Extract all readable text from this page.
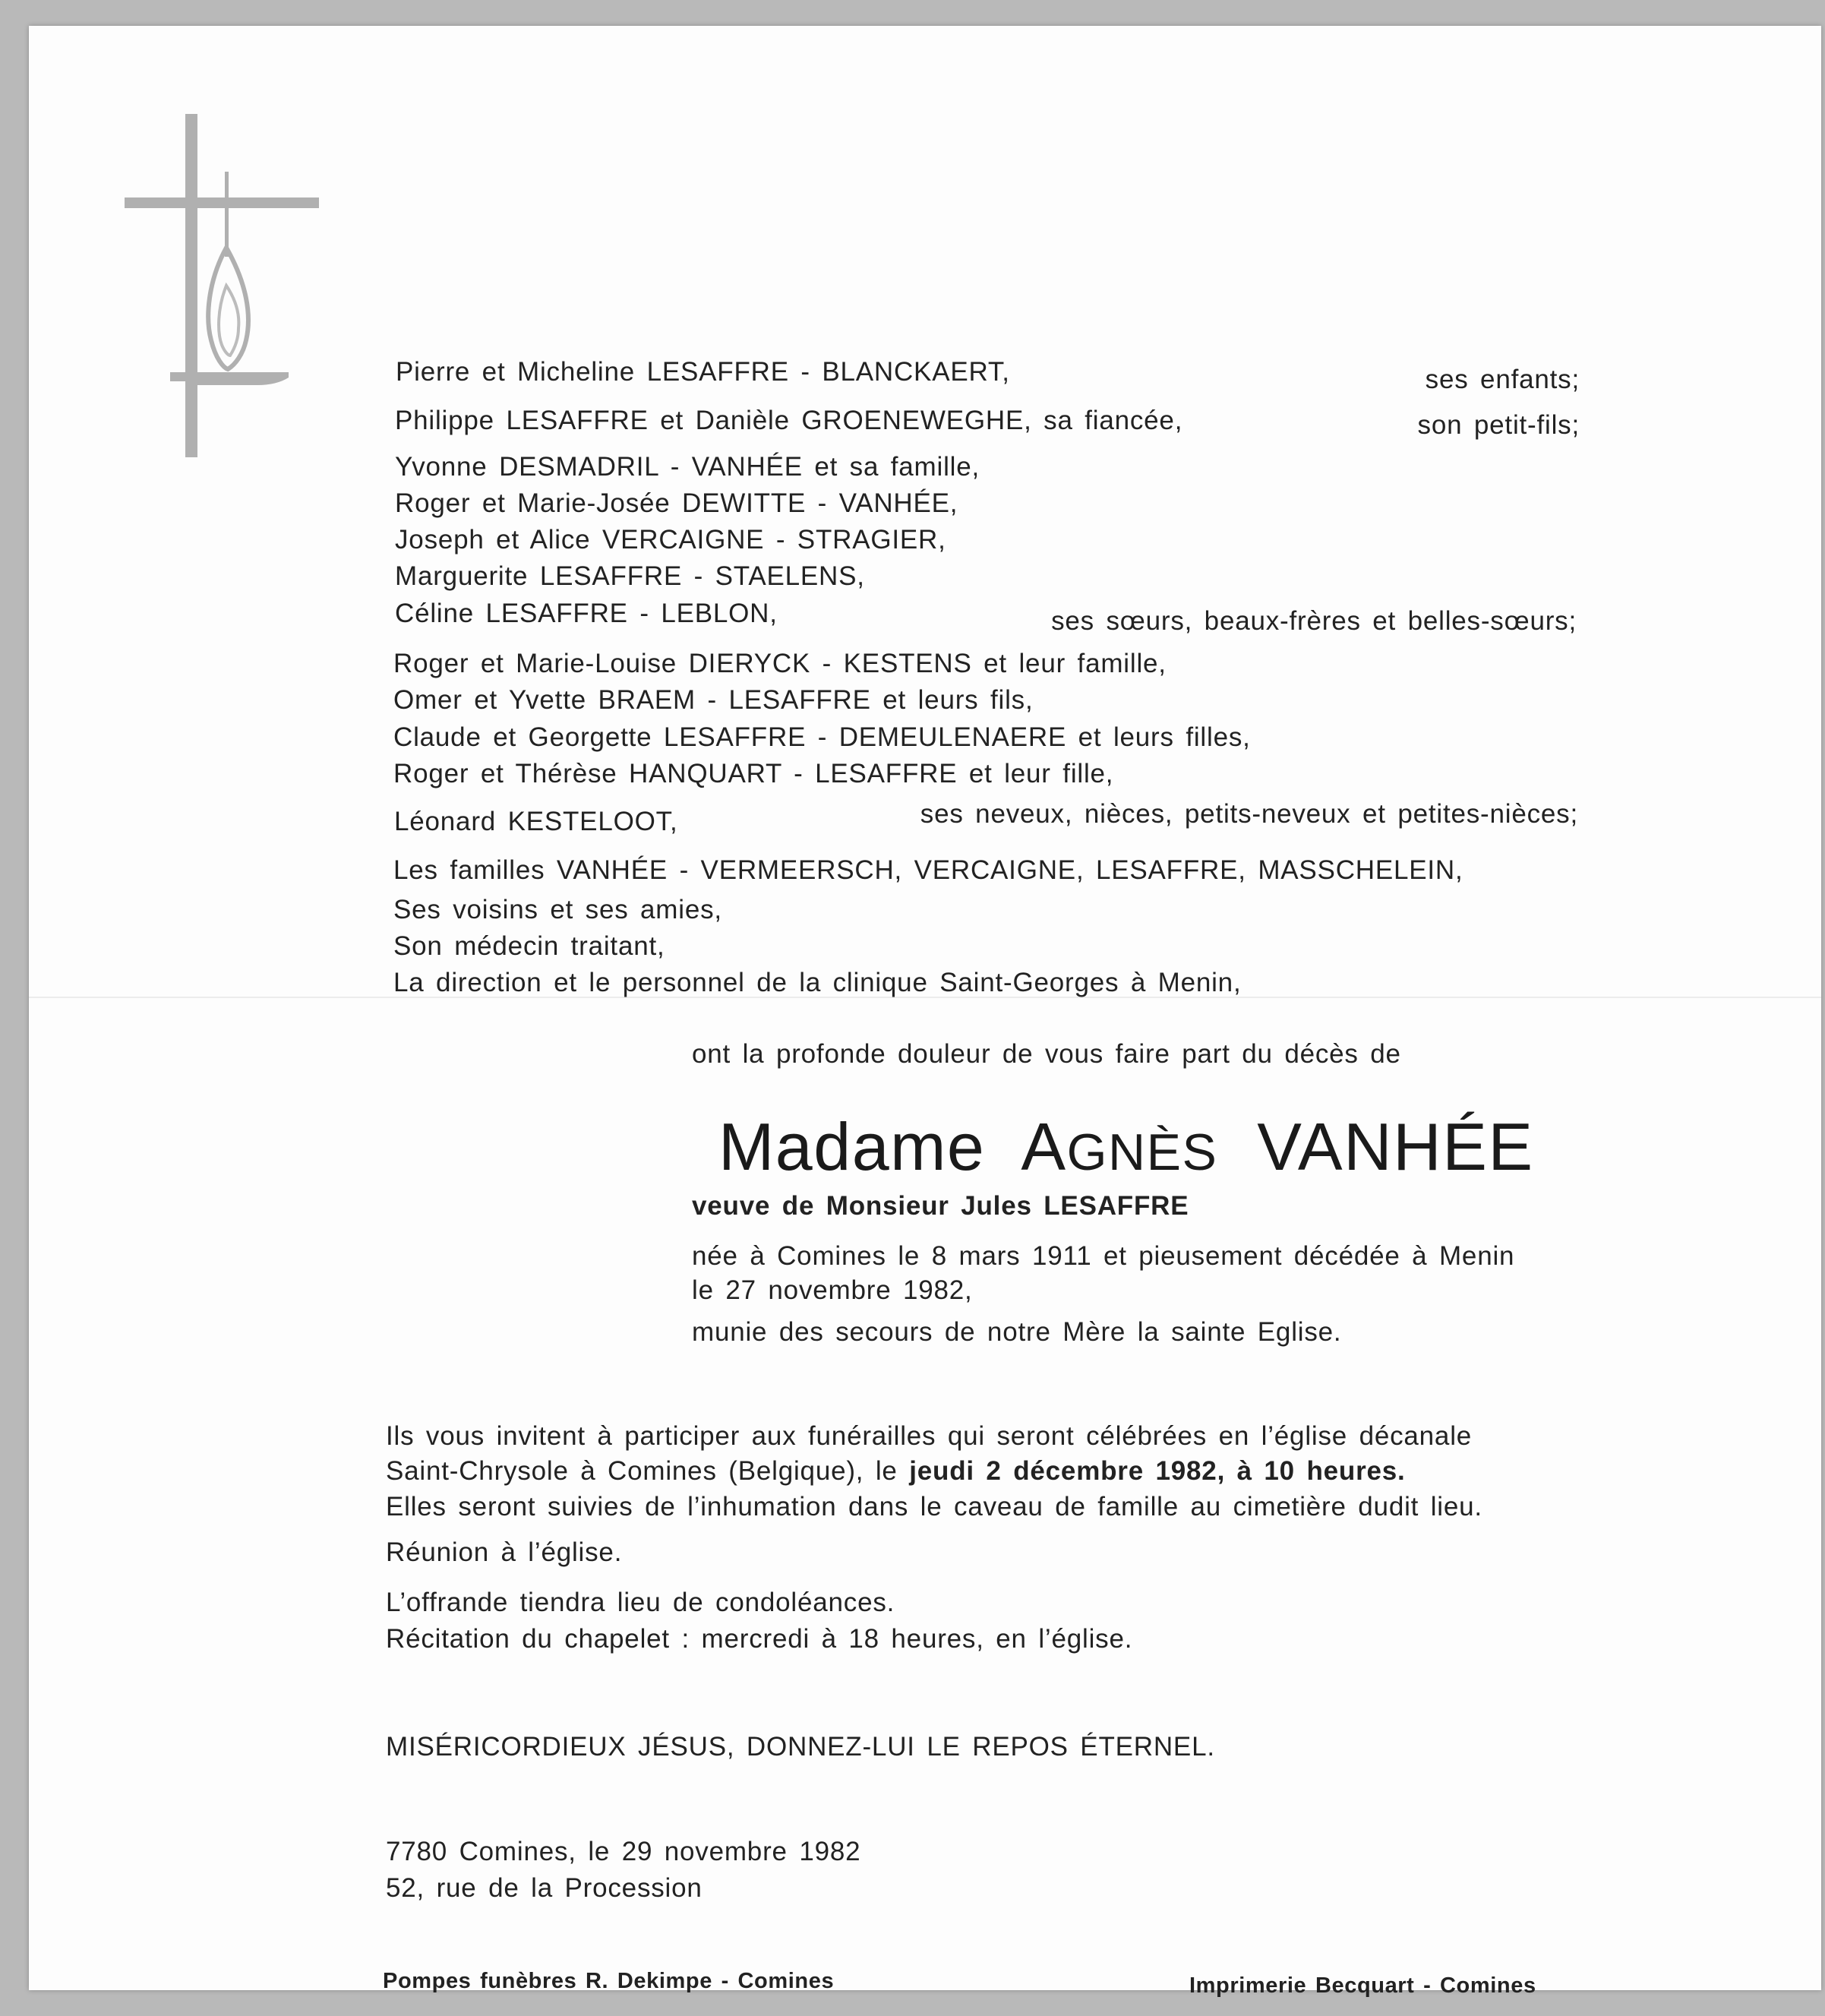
Pierre et Micheline LESAFFRE - BLANCKAERT,	ses enfants;
Philippe LESAFFRE et Danièle GROENEWEGHE, sa fiancée,	son petit-fils;
Yvonne DESMADRIL - VANHÉE et sa famille,
Roger et Marie-Josée DEWITTE - VANHÉE,
Joseph et Alice VERCAIGNE - STRAGIER,
Marguerite LESAFFRE - STAELENS,
Céline LESAFFRE - LEBLON,	ses sœurs, beaux-frères et belles-sœurs;
Roger et Marie-Louise DIERYCK - KESTENS et leur famille,
Omer et Yvette BRAEM - LESAFFRE et leurs fils,
Claude et Georgette LESAFFRE - DEMEULENAERE et leurs filles,
Roger et Thérèse HANQUART - LESAFFRE et leur fille,
Léonard KESTELOOT,	ses neveux, nièces, petits-neveux et petites-nièces;
Les familles VANHÉE - VERMEERSCH, VERCAIGNE, LESAFFRE, MASSCHELEIN,
Ses voisins et ses amies,
Son médecin traitant,
La direction et le personnel de la clinique Saint-Georges à Menin,
ont la profonde douleur de vous faire part du décès de
Madame AGNÈS VANHÉE
veuve de Monsieur Jules LESAFFRE
née à Comines le 8 mars 1911 et pieusement décédée à Menin
le 27 novembre 1982,
munie des secours de notre Mère la sainte Eglise.
Ils vous invitent à participer aux funérailles qui seront célébrées en l’église décanale
Saint-Chrysole à Comines (Belgique), le jeudi 2 décembre 1982, à 10 heures.
Elles seront suivies de l’inhumation dans le caveau de famille au cimetière dudit lieu.
Réunion à l’église.
L’offrande tiendra lieu de condoléances.
Récitation du chapelet : mercredi à 18 heures, en l’église.
MISÉRICORDIEUX JÉSUS, DONNEZ-LUI LE REPOS ÉTERNEL.
7780 Comines, le 29 novembre 1982
52, rue de la Procession
Pompes funèbres R. Dekimpe - Comines	Imprimerie Becquart - Comines
